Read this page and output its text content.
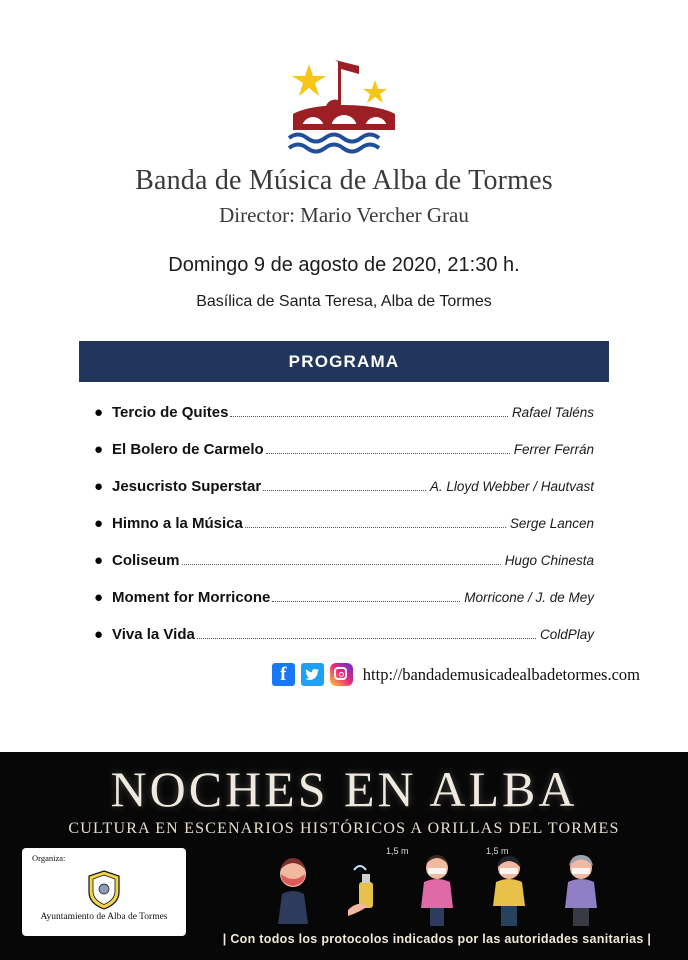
Banda de Música de Alba de Tormes
Director: Mario Vercher Grau
Domingo 9 de agosto de 2020, 21:30 h.
Basílica de Santa Teresa, Alba de Tormes
PROGRAMA
● Tercio de Quites	Rafael Taléns
● El Bolero de Carmelo	Ferrer Ferrán
● Jesucristo Superstar	A. Lloyd Webber / Hautvast
● Himno a la Música	Serge Lancen
● Coliseum	Hugo Chinesta
● Moment for Morricone	Morricone / J. de Mey
● Viva la Vida	ColdPlay
f	http://bandademusicadealbadetormes.com
NOCHES EN ALBA
CULTURA EN ESCENARIOS HISTÓRICOS A ORILLAS DEL TORMES
Organiza:
Ayuntamiento de Alba de Tormes
1,5 m	1,5 m
| Con todos los protocolos indicados por las autoridades sanitarias |
